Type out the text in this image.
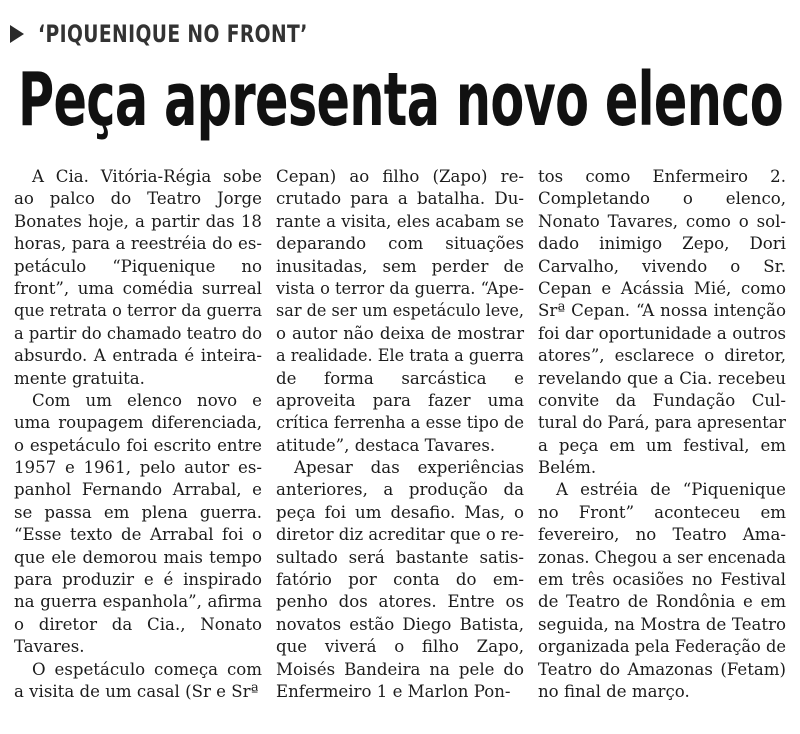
‘PIQUENIQUE NO FRONT’
Peça apresenta novo elenco
A Cia. Vitória-Régia sobe
ao palco do Teatro Jorge
Bonates hoje, a partir das 18
horas, para a reestréia do es-
petáculo “Piquenique no
front”, uma comédia surreal
que retrata o terror da guerra
a partir do chamado teatro do
absurdo. A entrada é inteira-
mente gratuita.
Com um elenco novo e
uma roupagem diferenciada,
o espetáculo foi escrito entre
1957 e 1961, pelo autor es-
panhol Fernando Arrabal, e
se passa em plena guerra.
“Esse texto de Arrabal foi o
que ele demorou mais tempo
para produzir e é inspirado
na guerra espanhola”, afirma
o diretor da Cia., Nonato
Tavares.
O espetáculo começa com
a visita de um casal (Sr e Srª
Cepan) ao filho (Zapo) re-
crutado para a batalha. Du-
rante a visita, eles acabam se
deparando com situações
inusitadas, sem perder de
vista o terror da guerra. “Ape-
sar de ser um espetáculo leve,
o autor não deixa de mostrar
a realidade. Ele trata a guerra
de forma sarcástica e
aproveita para fazer uma
crítica ferrenha a esse tipo de
atitude”, destaca Tavares.
Apesar das experiências
anteriores, a produção da
peça foi um desafio. Mas, o
diretor diz acreditar que o re-
sultado será bastante satis-
fatório por conta do em-
penho dos atores. Entre os
novatos estão Diego Batista,
que viverá o filho Zapo,
Moisés Bandeira na pele do
Enfermeiro 1 e Marlon Pon-
tos como Enfermeiro 2.
Completando o elenco,
Nonato Tavares, como o sol-
dado inimigo Zepo, Dori
Carvalho, vivendo o Sr.
Cepan e Acássia Mié, como
Srª Cepan. “A nossa intenção
foi dar oportunidade a outros
atores”, esclarece o diretor,
revelando que a Cia. recebeu
convite da Fundação Cul-
tural do Pará, para apresentar
a peça em um festival, em
Belém.
A estréia de “Piquenique
no Front” aconteceu em
fevereiro, no Teatro Ama-
zonas. Chegou a ser encenada
em três ocasiões no Festival
de Teatro de Rondônia e em
seguida, na Mostra de Teatro
organizada pela Federação de
Teatro do Amazonas (Fetam)
no final de março.
